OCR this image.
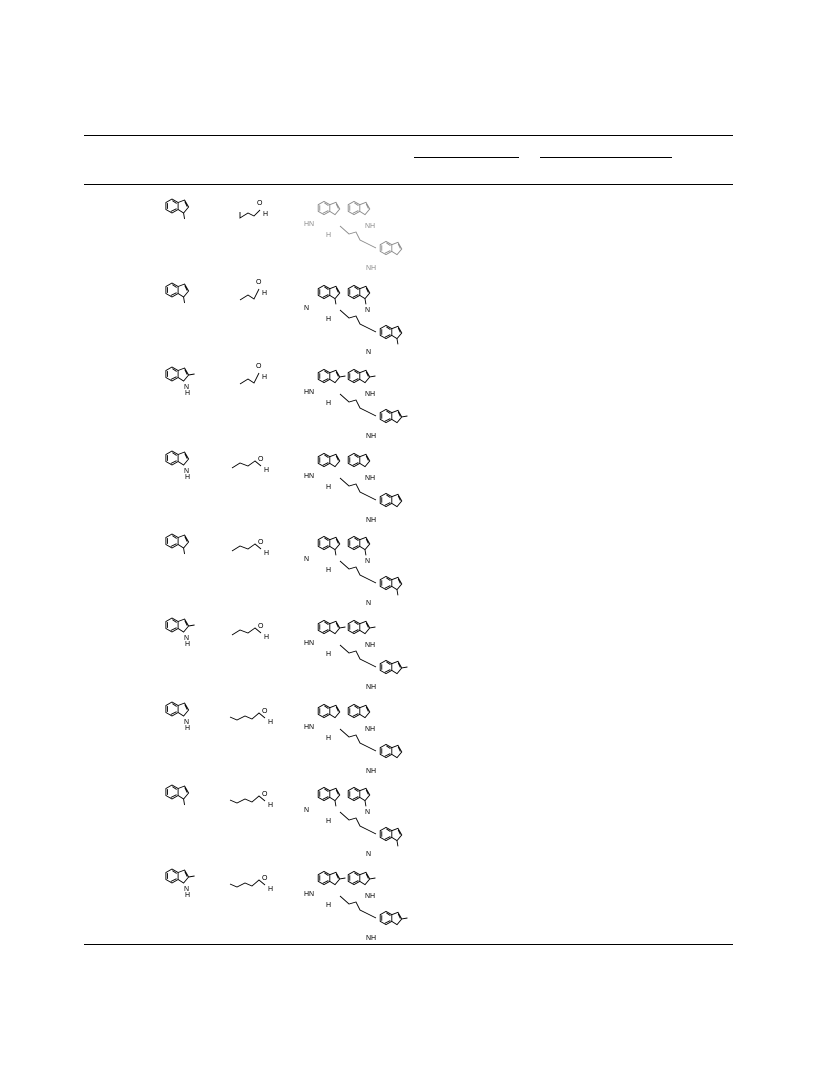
O
H
HN	NH
NH
H
O
H
N	N
N
H
N
H
O
H
HN	NH
NH
H
N
H
O
H
HN	NH
NH
H
O
H
N	N
N
H
N
H
O
H
HN	NH
NH
H
N
H
O
H
HN	NH
NH
H
O
H
N	N
N
H
N
H
O
H
HN	NH
NH
H
